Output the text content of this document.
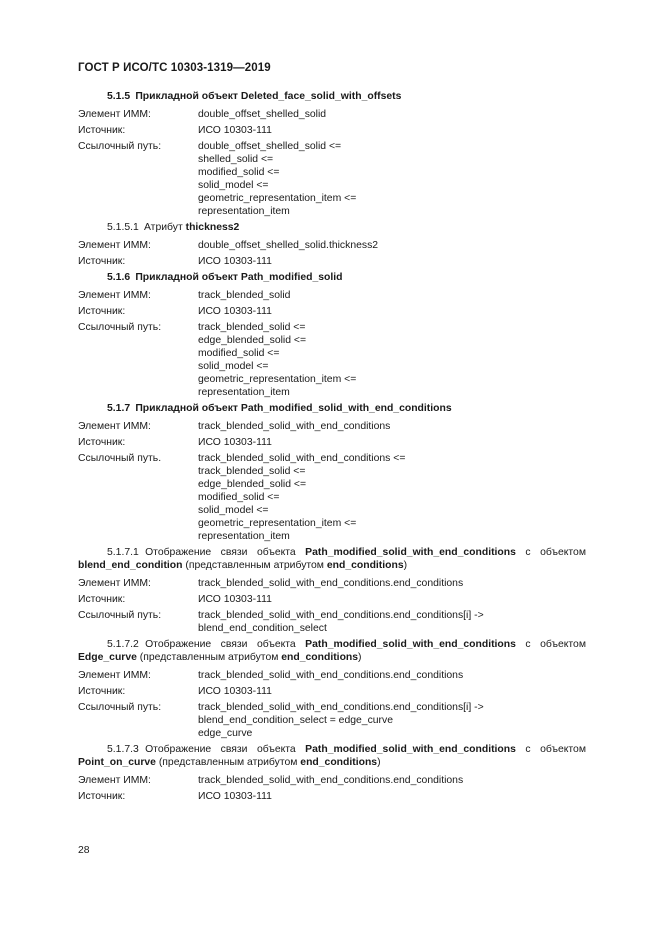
ГОСТ Р ИСО/ТС 10303-1319—2019
5.1.5  Прикладной объект Deleted_face_solid_with_offsets
Элемент ИММ:	double_offset_shelled_solid
Источник:	ИСО 10303-111
Ссылочный путь:	double_offset_shelled_solid <=
shelled_solid <=
modified_solid <=
solid_model <=
geometric_representation_item <=
representation_item
5.1.5.1  Атрибут thickness2
Элемент ИММ:	double_offset_shelled_solid.thickness2
Источник:	ИСО 10303-111
5.1.6  Прикладной объект Path_modified_solid
Элемент ИММ:	track_blended_solid
Источник:	ИСО 10303-111
Ссылочный путь:	track_blended_solid <=
edge_blended_solid <=
modified_solid <=
solid_model <=
geometric_representation_item <=
representation_item
5.1.7  Прикладной объект Path_modified_solid_with_end_conditions
Элемент ИММ:	track_blended_solid_with_end_conditions
Источник:	ИСО 10303-111
Ссылочный путь.	track_blended_solid_with_end_conditions <=
track_blended_solid <=
edge_blended_solid <=
modified_solid <=
solid_model <=
geometric_representation_item <=
representation_item
5.1.7.1  Отображение   связи   объекта   Path_modified_solid_with_end_conditions   с   объектом blend_end_condition (представленным атрибутом end_conditions)
Элемент ИММ:	track_blended_solid_with_end_conditions.end_conditions
Источник:	ИСО 10303-111
Ссылочный путь:	track_blended_solid_with_end_conditions.end_conditions[i] ->
blend_end_condition_select
5.1.7.2  Отображение   связи   объекта   Path_modified_solid_with_end_conditions   с   объектом Edge_curve (представленным атрибутом end_conditions)
Элемент ИММ:	track_blended_solid_with_end_conditions.end_conditions
Источник:	ИСО 10303-111
Ссылочный путь:	track_blended_solid_with_end_conditions.end_conditions[i] ->
blend_end_condition_select = edge_curve
edge_curve
5.1.7.3  Отображение   связи   объекта   Path_modified_solid_with_end_conditions   с   объектом Point_on_curve (представленным атрибутом end_conditions)
Элемент ИММ:	track_blended_solid_with_end_conditions.end_conditions
Источник:	ИСО 10303-111
28
